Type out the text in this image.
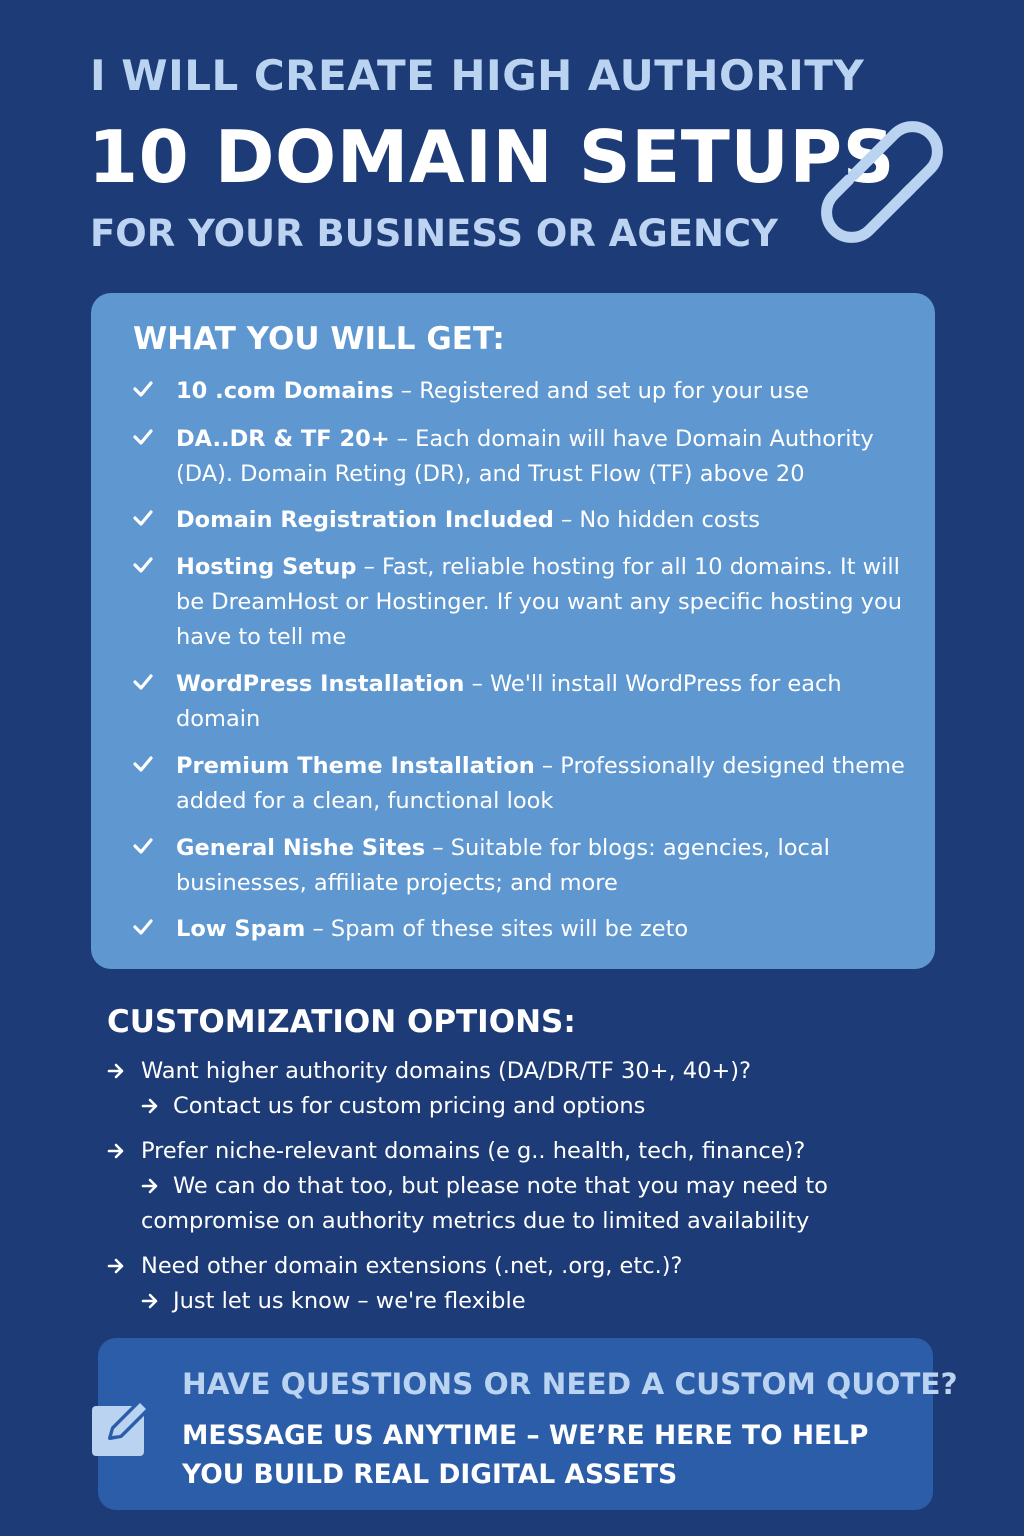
I WILL CREATE HIGH AUTHORITY
10 DOMAIN SETUPS
FOR YOUR BUSINESS OR AGENCY
WHAT YOU WILL GET:
10 .com Domains – Registered and set up for your use
DA..DR & TF 20+ – Each domain will have Domain Authority (DA). Domain Reting (DR), and Trust Flow (TF) above 20
Domain Registration Included – No hidden costs
Hosting Setup – Fast, reliable hosting for all 10 domains. It will be DreamHost or Hostinger. If you want any specific hosting you have to tell me
WordPress Installation – We'll install WordPress for each domain
Premium Theme Installation – Professionally designed theme added for a clean, functional look
General Nishe Sites – Suitable for blogs: agencies, local businesses, affiliate projects; and more
Low Spam – Spam of these sites will be zeto
CUSTOMIZATION OPTIONS:
Want higher authority domains (DA/DR/TF 30+, 40+)?
Contact us for custom pricing and options
Prefer niche-relevant domains (e g.. health, tech, finance)?
We can do that too, but please note that you may need to compromise on authority metrics due to limited availability
Need other domain extensions (.net, .org, etc.)?
Just let us know – we're flexible
HAVE QUESTIONS OR NEED A CUSTOM QUOTE?
MESSAGE US ANYTIME – WE’RE HERE TO HELP YOU BUILD REAL DIGITAL ASSETS
